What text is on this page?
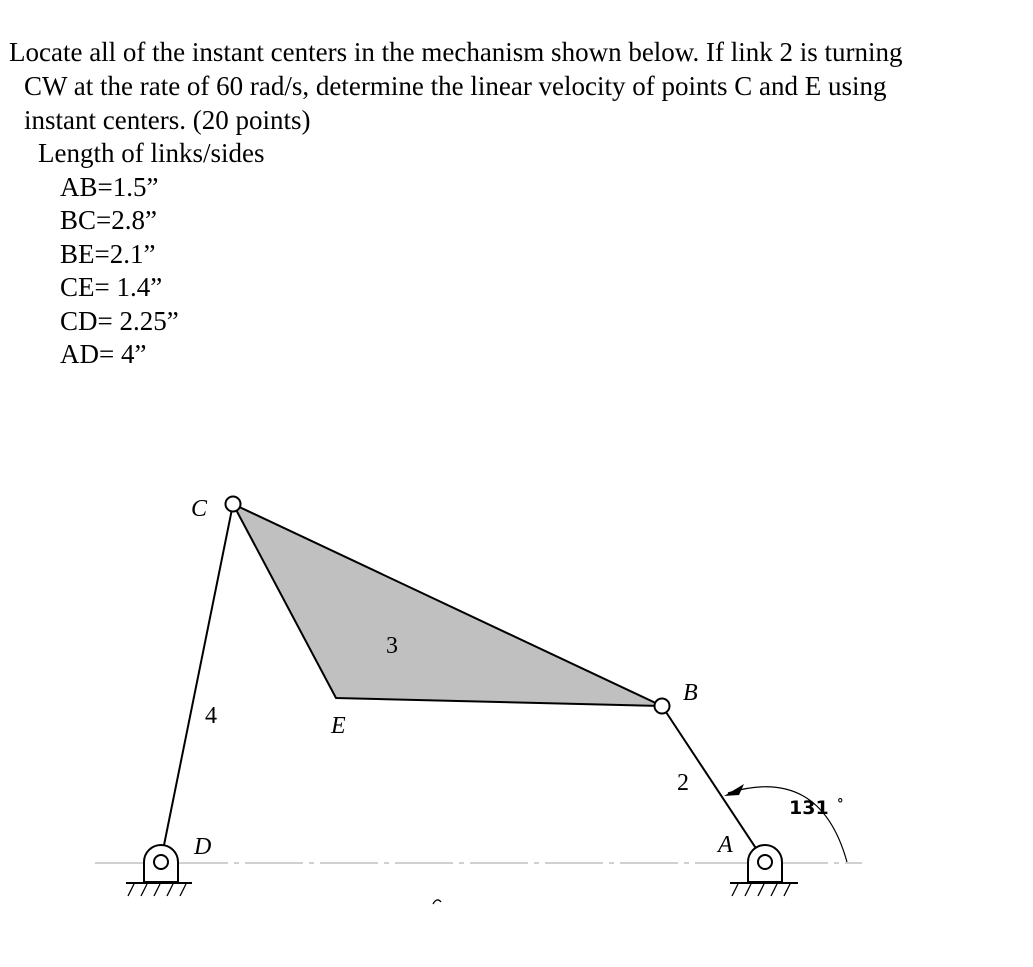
Locate all of the instant centers in the mechanism shown below. If link 2 is turning
CW at the rate of 60 rad/s, determine the linear velocity of points C and E using
instant centers. (20 points)
Length of links/sides
AB=1.5”
BC=2.8”
BE=2.1”
CE= 1.4”
CD= 2.25”
AD= 4”
C
B
E
D	A
3
4
2
131 °
